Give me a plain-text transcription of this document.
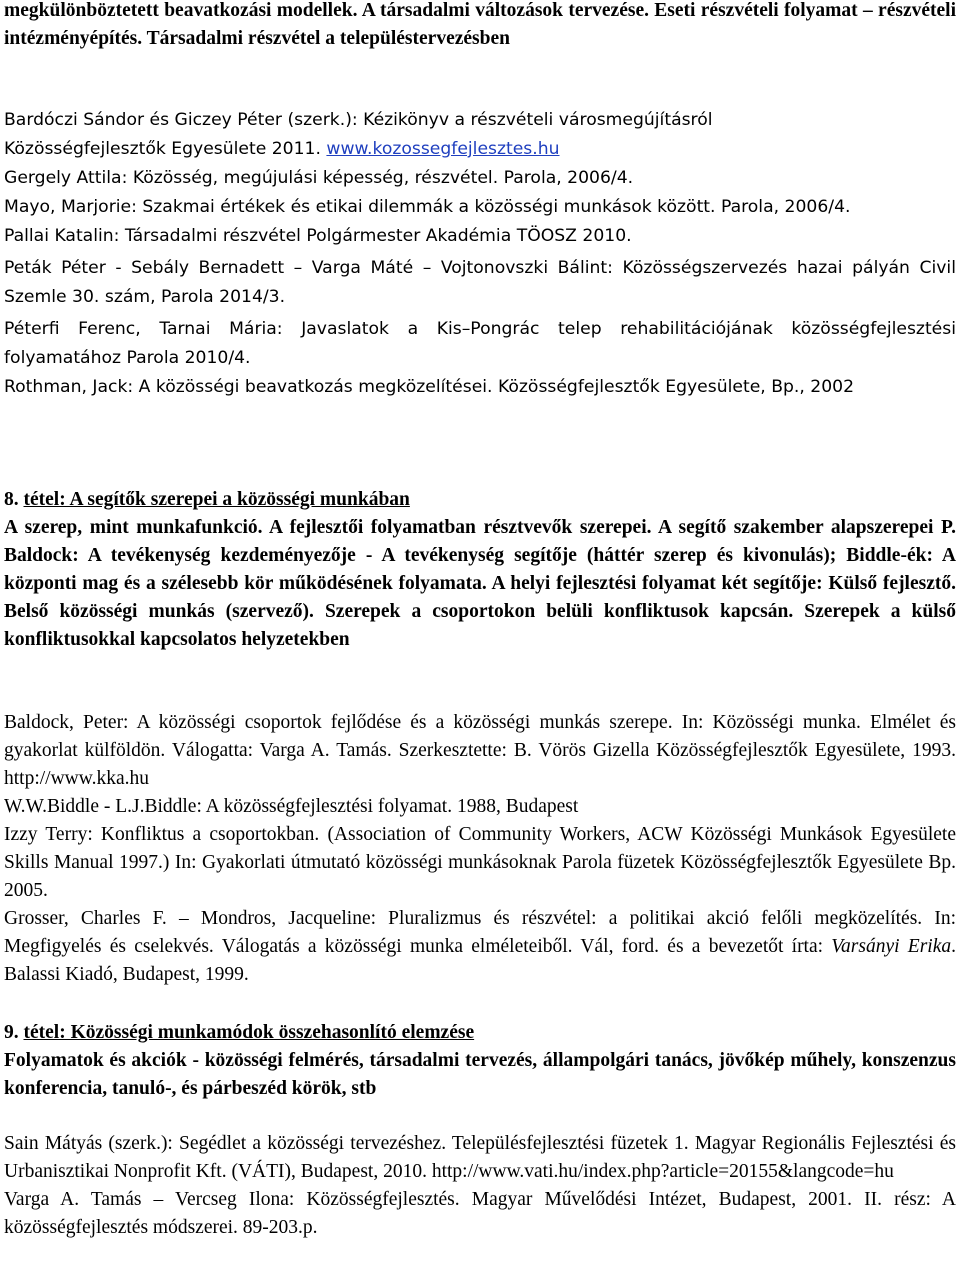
megkülönböztetett beavatkozási modellek. A társadalmi változások tervezése. Eseti részvételi folyamat – részvételi intézményépítés. Társadalmi részvétel a településtervezésben

Bardóczi Sándor és Giczey Péter (szerk.): Kézikönyv a részvételi városmegújításról

Közösségfejlesztők Egyesülete 2011. www.kozossegfejlesztes.hu

Gergely Attila: Közösség, megújulási képesség, részvétel. Parola, 2006/4.

Mayo, Marjorie: Szakmai értékek és etikai dilemmák a közösségi munkások között. Parola, 2006/4.

Pallai Katalin: Társadalmi részvétel Polgármester Akadémia TÖOSZ 2010.

Peták Péter - Sebály Bernadett – Varga Máté – Vojtonovszki Bálint: Közösségszervezés hazai pályán Civil Szemle 30. szám, Parola 2014/3.

Péterfi Ferenc, Tarnai Mária: Javaslatok a Kis–Pongrác telep rehabilitációjának közösségfejlesztési folyamatához Parola 2010/4.

Rothman, Jack: A közösségi beavatkozás megközelítései. Közösségfejlesztők Egyesülete, Bp., 2002

8. tétel: A segítők szerepei a közösségi munkában

A szerep, mint munkafunkció. A fejlesztői folyamatban résztvevők szerepei. A segítő szakember alapszerepei P. Baldock: A tevékenység kezdeményezője - A tevékenység segítője (háttér szerep és kivonulás); Biddle-ék: A központi mag és a szélesebb kör működésének folyamata. A helyi fejlesztési folyamat két segítője: Külső fejlesztő. Belső közösségi munkás (szervező). Szerepek a csoportokon belüli konfliktusok kapcsán. Szerepek a külső konfliktusokkal kapcsolatos helyzetekben

Baldock, Peter: A közösségi csoportok fejlődése és a közösségi munkás szerepe. In: Közösségi munka. Elmélet és gyakorlat külföldön. Válogatta: Varga A. Tamás. Szerkesztette: B. Vörös Gizella Közösségfejlesztők Egyesülete, 1993. http://www.kka.hu

W.W.Biddle - L.J.Biddle: A közösségfejlesztési folyamat. 1988, Budapest

Izzy Terry: Konfliktus a csoportokban. (Association of Community Workers, ACW Közösségi Munkások Egyesülete Skills Manual 1997.) In: Gyakorlati útmutató közösségi munkásoknak Parola füzetek Közösségfejlesztők Egyesülete Bp. 2005.

Grosser, Charles F. – Mondros, Jacqueline: Pluralizmus és részvétel: a politikai akció felőli megközelítés. In: Megfigyelés és cselekvés. Válogatás a közösségi munka elméleteiből. Vál, ford. és a bevezetőt írta: Varsányi Erika. Balassi Kiadó, Budapest, 1999.

9. tétel: Közösségi munkamódok összehasonlító elemzése

Folyamatok és akciók - közösségi felmérés, társadalmi tervezés, állampolgári tanács, jövőkép műhely, konszenzus konferencia, tanuló-, és párbeszéd körök, stb

Sain Mátyás (szerk.): Segédlet a közösségi tervezéshez. Településfejlesztési füzetek 1. Magyar Regionális Fejlesztési és Urbanisztikai Nonprofit Kft. (VÁTI), Budapest, 2010. http://www.vati.hu/index.php?article=20155&langcode=hu

Varga A. Tamás – Vercseg Ilona: Közösségfejlesztés. Magyar Művelődési Intézet, Budapest, 2001. II. rész: A közösségfejlesztés módszerei. 89-203.p.
